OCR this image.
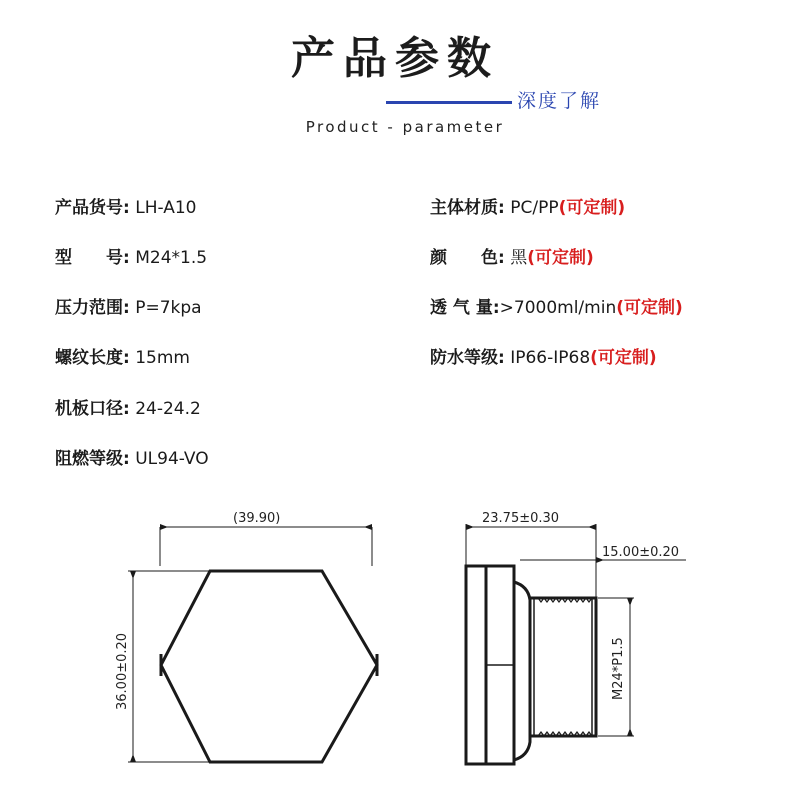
产品参数
深度了解
Product - parameter
产品货号: LH-A10
型　　号: M24*1.5
压力范围: P=7kpa
螺纹长度: 15mm
机板口径: 24-24.2
阻燃等级: UL94-VO
主体材质: PC/PP(可定制)
颜　　色: 黑(可定制)
透 气 量:>7000ml/min(可定制)
防水等级: IP66-IP68(可定制)
(39.90)
36.00±0.20
23.75±0.30
15.00±0.20
M24*P1.5
